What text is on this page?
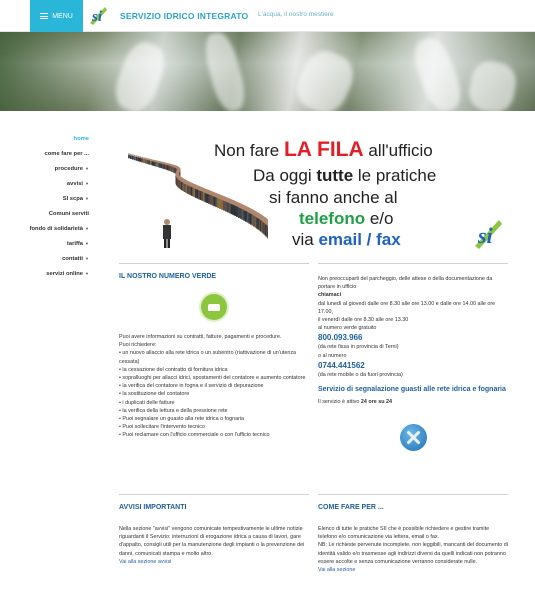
MENU si SERVIZIO IDRICO INTEGRATO L'acqua, il nostro mestiere
home
come fare per ...
procedure ▼
avvisi ▼
SI scpa ▼
Comuni serviti
fondo di solidarietà ▼
tariffa ▼
contatti ▼
servizi online ▼
Non fare LA FILA all'ufficio
Da oggi tutte le pratiche
si fanno anche al
telefono e/o
via email / fax	si
IL NOSTRO NUMERO VERDE

Puoi avere informazioni su contratti, fatture, pagamenti e procedure.

Puoi richiedere:

• un nuovo allaccio alla rete idrica o un subentro (riattivazione di un'utenza cessata)

• la cessazione del contratto di fornitura idrica

• sopralluoghi per allacci idrici, spostamenti del contatore e aumento contatore

• la verifica del contatore in fogna e il servizio di depurazione

• la sostituzione del contatore

• i duplicati delle fatture

• la verifica della lettura e della pressione rete

• Puoi segnalare un guasto alla rete idrica o fognaria

• Puoi sollecitare l'intervento tecnico

• Puoi reclamare con l'ufficio commerciale o con l'ufficio tecnico

Non preoccuparti del parcheggio, delle attese o della documentazione da portare in ufficio

chiamaci

dal lunedì al giovedì dalle ore 8.30 alle ore 13.00 e dalle ore 14.00 alle ore 17.00,

il venerdì dalle ore 8.30 alle ore 13.30

al numero verde gratuito

800.093.966

(da rete fissa in provincia di Terni)

o al numero

0744.441562

(da rete mobile o da fuori provincia)

Servizio di segnalazione guasti alle rete idrica e fognaria
Il servizio è attivo 24 ore su 24
AVVISI IMPORTANTI

Nella sezione "avvisi" vengono comunicate tempestivamente le ultime notizie riguardanti il Servizio: interruzioni di erogazione idrica a causa di lavori, gare d'appalto, consigli utili per la manutenzione degli impianti o la prevenzione dei danni, comunicati stampa e molto altro.

Vai alla sezione avvisi

COME FARE PER ...

Elenco di tutte le pratiche SII che è possibile richiedere e gestire tramite telefono e/o comunicazione via lettera, email o fax.

NB: Le richieste pervenute incomplete, non leggibili, mancanti del documento di identità valido e/o trasmesse agli indirizzi diversi da quelli indicati non potranno essere accolte e senza comunicazione verranno considerate nulle.

Vai alla sezione
